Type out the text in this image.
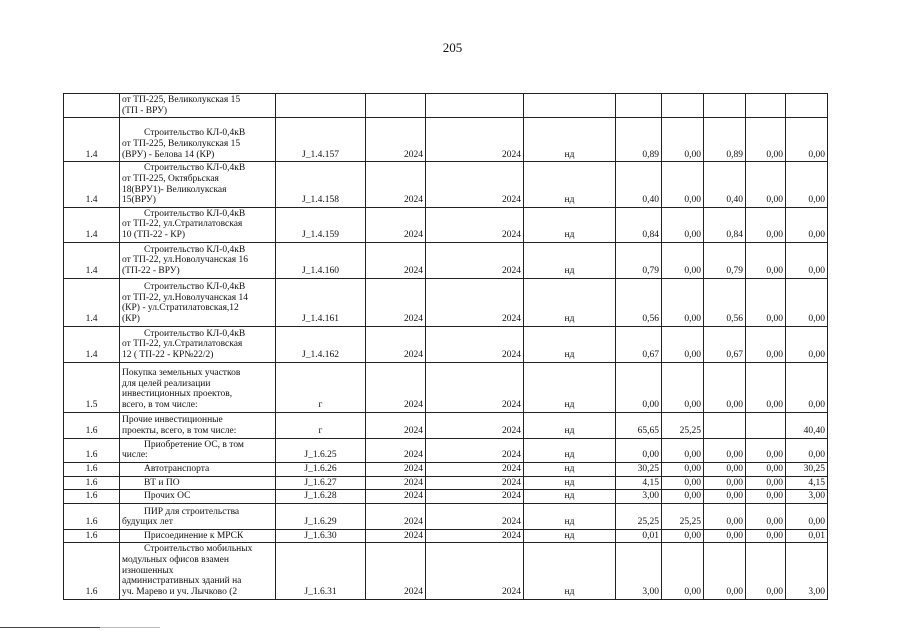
205

	от ТП-225, Великолукская 15
(ТП - ВРУ)									

1.4	Строительство КЛ-0,4кВ
от ТП-225, Великолукская 15
(ВРУ) - Белова 14 (КР)	J_1.4.157	2024	2024	нд	0,89	0,00	0,89	0,00	0,00
1.4	Строительство КЛ-0,4кВ
от ТП-225, Октябрьская
18(ВРУ1)- Великолукская
15(ВРУ)	J_1.4.158	2024	2024	нд	0,40	0,00	0,40	0,00	0,00
1.4	Строительство КЛ-0,4кВ
от ТП-22, ул.Стратилатовская
10 (ТП-22 - КР)	J_1.4.159	2024	2024	нд	0,84	0,00	0,84	0,00	0,00
1.4	Строительство КЛ-0,4кВ
от ТП-22, ул.Новолучанская 16
(ТП-22 - ВРУ)	J_1.4.160	2024	2024	нд	0,79	0,00	0,79	0,00	0,00
1.4	Строительство КЛ-0,4кВ
от ТП-22, ул.Новолучанская 14
(КР) - ул.Стратилатовская,12
(КР)	J_1.4.161	2024	2024	нд	0,56	0,00	0,56	0,00	0,00
1.4	Строительство КЛ-0,4кВ
от ТП-22, ул.Стратилатовская
12 ( ТП-22 - КР№22/2)	J_1.4.162	2024	2024	нд	0,67	0,00	0,67	0,00	0,00
1.5	Покупка земельных участков
для целей реализации
инвестиционных проектов,
всего, в том числе:	г	2024	2024	нд	0,00	0,00	0,00	0,00	0,00
1.6	Прочие инвестиционные
проекты, всего, в том числе:	г	2024	2024	нд	65,65	25,25			40,40
1.6	Приобретение ОС, в том
числе:	J_1.6.25	2024	2024	нд	0,00	0,00	0,00	0,00	0,00
1.6	Автотранспорта	J_1.6.26	2024	2024	нд	30,25	0,00	0,00	0,00	30,25
1.6	ВТ и ПО	J_1.6.27	2024	2024	нд	4,15	0,00	0,00	0,00	4,15
1.6	Прочих ОС	J_1.6.28	2024	2024	нд	3,00	0,00	0,00	0,00	3,00
1.6	ПИР для строительства
будущих лет	J_1.6.29	2024	2024	нд	25,25	25,25	0,00	0,00	0,00
1.6	Присоединение к МРСК	J_1.6.30	2024	2024	нд	0,01	0,00	0,00	0,00	0,01
1.6	Строительство мобильных
модульных офисов взамен
изношенных
административных зданий на
уч. Марево и уч. Лычково (2	J_1.6.31	2024	2024	нд	3,00	0,00	0,00	0,00	3,00
